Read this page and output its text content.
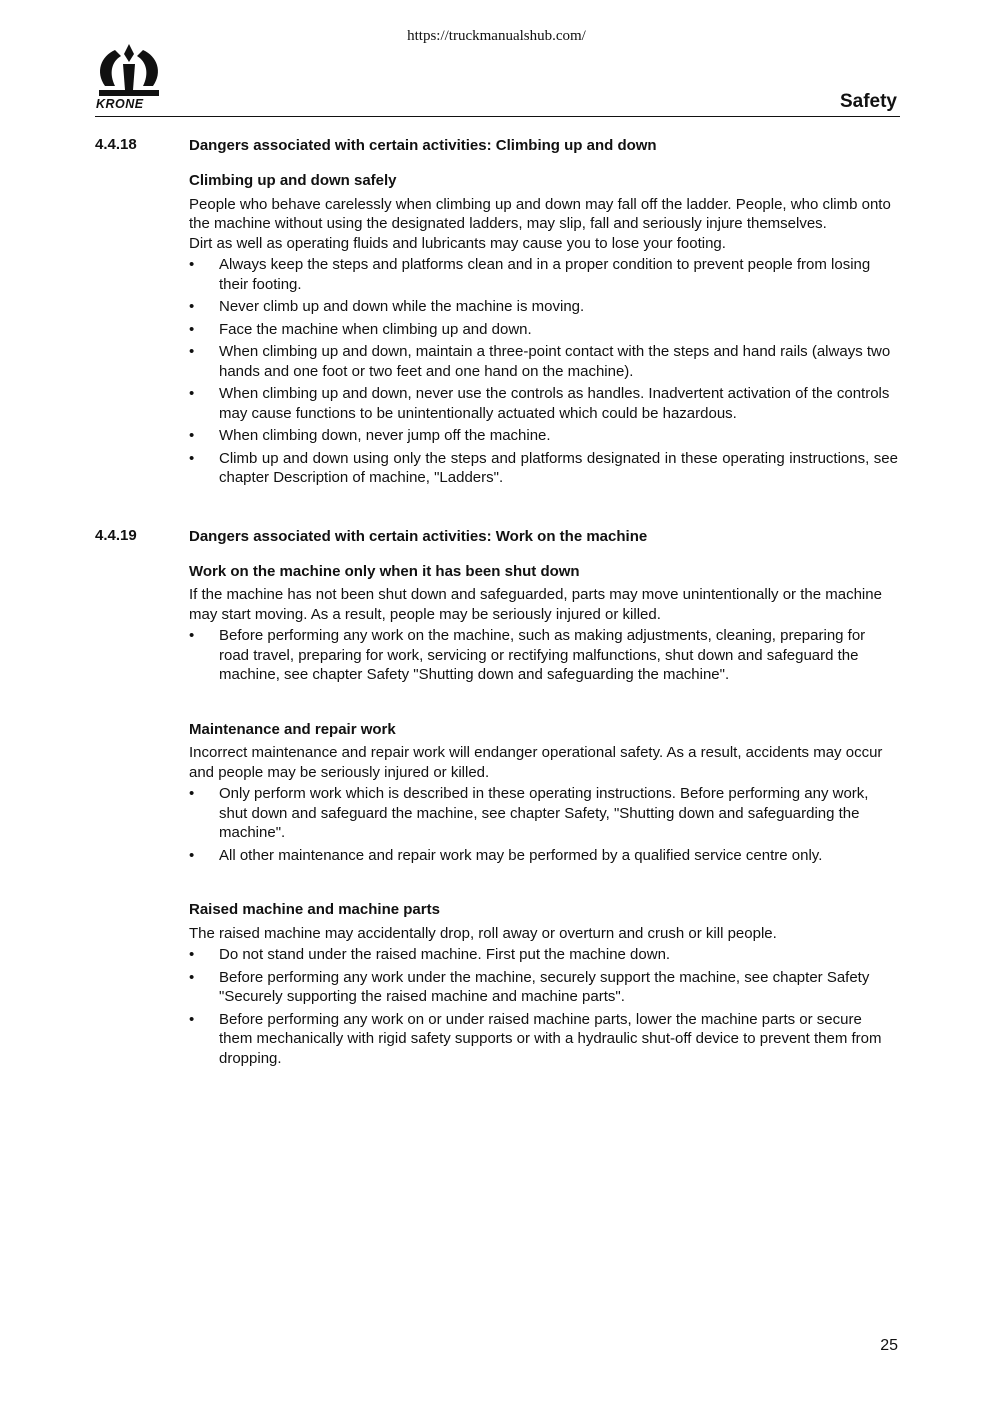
https://truckmanualshub.com/
KRONE	Safety
4.4.18	Dangers associated with certain activities: Climbing up and down
Climbing up and down safely

People who behave carelessly when climbing up and down may fall off the ladder. People, who climb onto the machine without using the designated ladders, may slip, fall and seriously injure themselves.

Dirt as well as operating fluids and lubricants may cause you to lose your footing.

• Always keep the steps and platforms clean and in a proper condition to prevent people from losing their footing.
• Never climb up and down while the machine is moving.
• Face the machine when climbing up and down.
• When climbing up and down, maintain a three-point contact with the steps and hand rails (always two hands and one foot or two feet and one hand on the machine).
• When climbing up and down, never use the controls as handles. Inadvertent activation of the controls may cause functions to be unintentionally actuated which could be hazardous.
• When climbing down, never jump off the machine.
• Climb up and down using only the steps and platforms designated in these operating instructions, see chapter Description of machine, "Ladders".
4.4.19	Dangers associated with certain activities: Work on the machine
Work on the machine only when it has been shut down

If the machine has not been shut down and safeguarded, parts may move unintentionally or the machine may start moving. As a result, people may be seriously injured or killed.

• Before performing any work on the machine, such as making adjustments, cleaning, preparing for road travel, preparing for work, servicing or rectifying malfunctions, shut down and safeguard the machine, see chapter Safety "Shutting down and safeguarding the machine".
Maintenance and repair work

Incorrect maintenance and repair work will endanger operational safety. As a result, accidents may occur and people may be seriously injured or killed.

• Only perform work which is described in these operating instructions. Before performing any work, shut down and safeguard the machine, see chapter Safety, "Shutting down and safeguarding the machine".
• All other maintenance and repair work may be performed by a qualified service centre only.
Raised machine and machine parts

The raised machine may accidentally drop, roll away or overturn and crush or kill people.

• Do not stand under the raised machine. First put the machine down.
• Before performing any work under the machine, securely support the machine, see chapter Safety "Securely supporting the raised machine and machine parts".
• Before performing any work on or under raised machine parts, lower the machine parts or secure them mechanically with rigid safety supports or with a hydraulic shut-off device to prevent them from dropping.
25
